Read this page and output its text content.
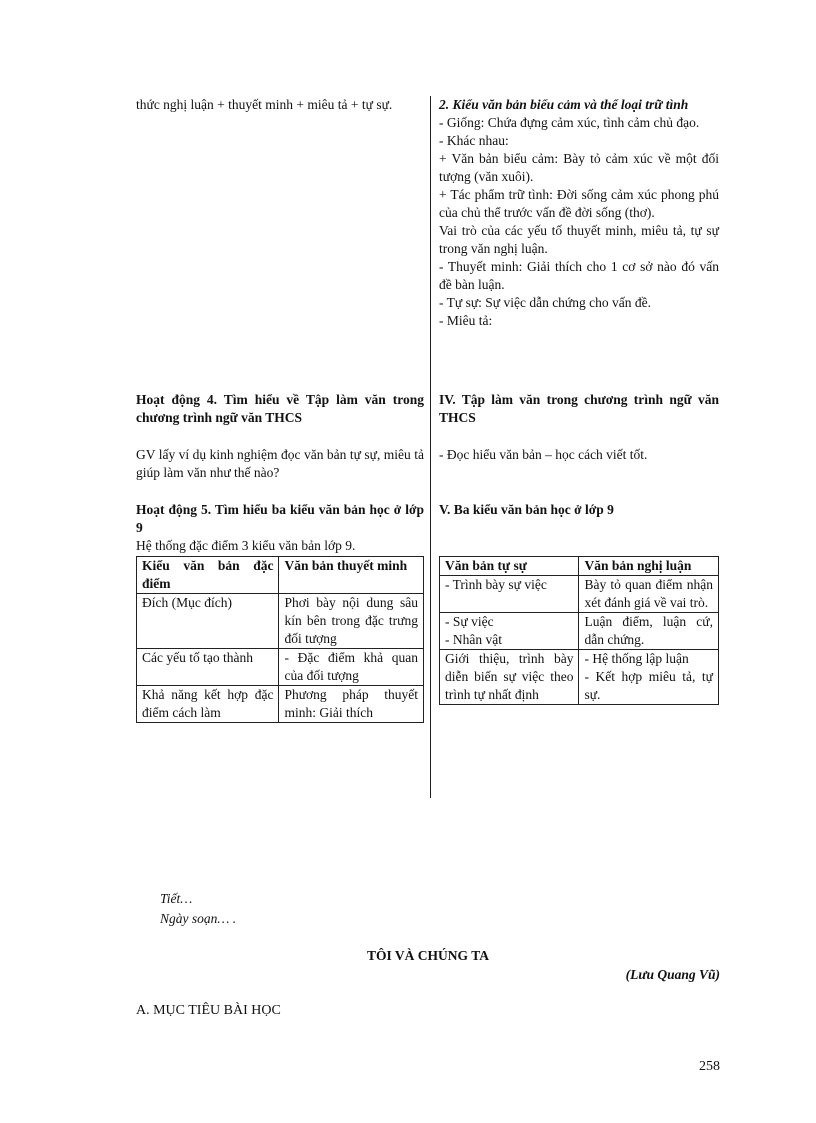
thức nghị luận + thuyết minh + miêu tả + tự sự.

Hoạt động 4. Tìm hiểu về Tập làm văn trong chương trình ngữ văn THCS

GV lấy ví dụ kinh nghiệm đọc văn bản tự sự, miêu tả giúp làm văn như thế nào?

Hoạt động 5. Tìm hiểu ba kiểu văn bản học ở lớp 9

Hệ thống đặc điểm 3 kiểu văn bản lớp 9.

Kiểu văn bản đặc điểm	Văn bản thuyết minh
Đích (Mục đích)	Phơi bày nội dung sâu kín bên trong đặc trưng đối tượng
Các yếu tố tạo thành	- Đặc điểm khả quan của đối tượng
Khả năng kết hợp đặc điểm cách làm	Phương pháp thuyết minh: Giải thích

2. Kiểu văn bản biểu cảm và thể loại trữ tình

- Giống: Chứa đựng cảm xúc, tình cảm chủ đạo.

- Khác nhau:

+ Văn bản biểu cảm: Bày tỏ cảm xúc về một đối tượng (văn xuôi).

+ Tác phẩm trữ tình: Đời sống cảm xúc phong phú của chủ thể trước vấn đề đời sống (thơ).

Vai trò của các yếu tố thuyết minh, miêu tả, tự sự trong văn nghị luận.

- Thuyết minh: Giải thích cho 1 cơ sở nào đó vấn đề bàn luận.

- Tự sự: Sự việc dẫn chứng cho vấn đề.

- Miêu tả:

IV. Tập làm văn trong chương trình ngữ văn THCS

- Đọc hiểu văn bản – học cách viết tốt.

V. Ba kiểu văn bản học ở lớp 9

Văn bản tự sự	Văn bản nghị luận
- Trình bày sự việc	Bày tỏ quan điểm nhận xét đánh giá về vai trò.
- Sự việc
- Nhân vật	Luận điểm, luận cứ, dẫn chứng.
Giới thiệu, trình bày diễn biến sự việc theo trình tự nhất định	- Hệ thống lập luận
- Kết hợp miêu tả, tự sự.
Tiết…
Ngày soạn… .
TÔI VÀ CHÚNG TA
(Lưu Quang Vũ)
A. MỤC TIÊU BÀI HỌC
258
